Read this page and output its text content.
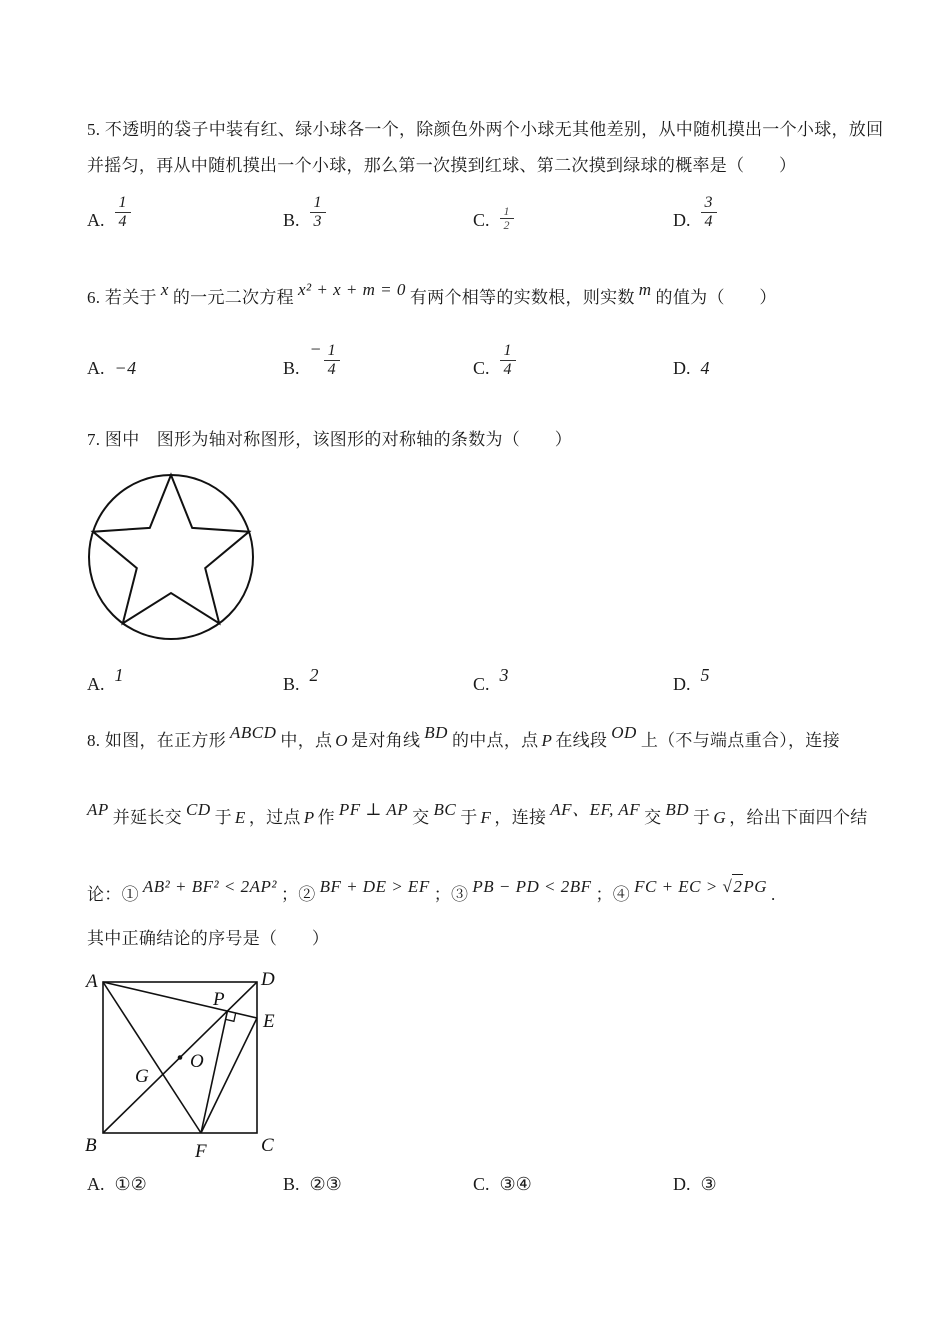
5. 不透明的袋子中装有红、绿小球各一个，除颜色外两个小球无其他差别，从中随机摸出一个小球，放回
并摇匀，再从中随机摸出一个小球，那么第一次摸到红球、第二次摸到绿球的概率是（　　）
A. $\frac{1}{4}$	B. $\frac{1}{3}$	C. $\frac{1}{2}$	D. $\frac{3}{4}$
6. 若关于 x 的一元二次方程 x² + x + m = 0 有两个相等的实数根，则实数 m 的值为（　　）
A. −4	$B.- \frac{1}{4}$	C. $\frac{1}{4}$	D. 4
7. 图中　图形为轴对称图形，该图形的对称轴的条数为（　　）
A. 1	B. 2	C. 3	D. 5
8. 如图，在正方形 ABCD 中，点 O 是对角线 BD 的中点，点 P 在线段 OD 上（不与端点重合），连接
AP 并延长交 CD 于 E ，过点 P 作 PF ⊥ AP 交 BC 于 F ，连接 AF、EF, AF 交 BD 于 G ，给出下面四个结
论：① AB² + BF² < 2AP² ；② BF + DE > EF ；③ PB − PD < 2BF ；④ FC + EC > √2PG .
其中正确结论的序号是（　　）
A	D
P
E
O
G
B	F	C
A. ①②	B. ②③	C. ③④	D. ③
